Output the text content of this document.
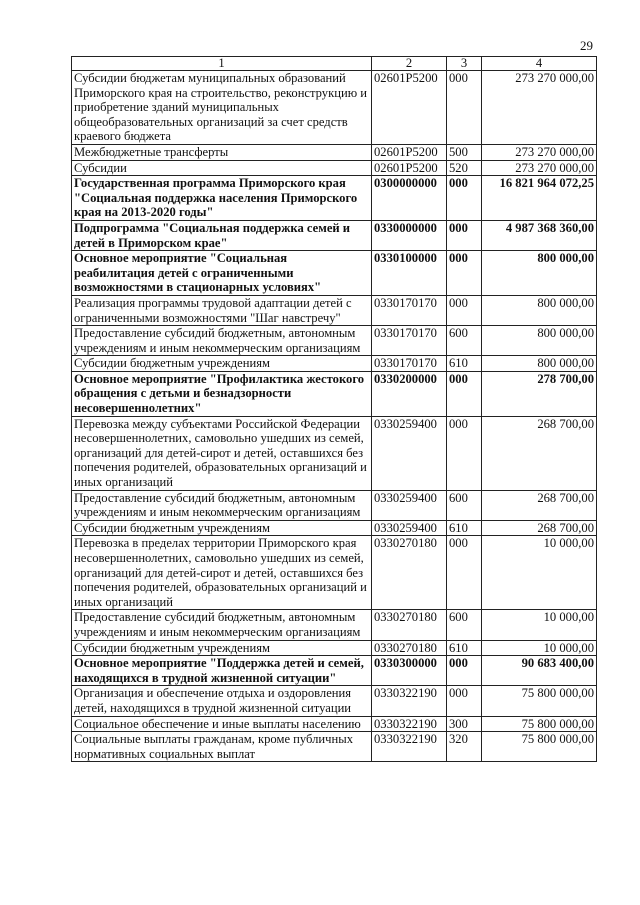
29
1	2	3	4
Субсидии бюджетам муниципальных образований Приморского края на строительство, реконструкцию и приобретение зданий муниципальных общеобразовательных организаций за счет средств краевого бюджета	02601P5200	000	273 270 000,00
Межбюджетные трансферты	02601P5200	500	273 270 000,00
Субсидии	02601P5200	520	273 270 000,00
Государственная программа Приморского края "Социальная поддержка населения Приморского края на 2013-2020 годы"	0300000000	000	16 821 964 072,25
Подпрограмма "Социальная поддержка семей и детей в Приморском крае"	0330000000	000	4 987 368 360,00
Основное мероприятие "Социальная реабилитация детей с ограниченными возможностями в стационарных условиях"	0330100000	000	800 000,00
Реализация программы трудовой адаптации детей с ограниченными возможностями "Шаг навстречу"	0330170170	000	800 000,00
Предоставление субсидий бюджетным, автономным учреждениям и иным некоммерческим организациям	0330170170	600	800 000,00
Субсидии бюджетным учреждениям	0330170170	610	800 000,00
Основное мероприятие "Профилактика жестокого обращения с детьми и безнадзорности несовершеннолетних"	0330200000	000	278 700,00
Перевозка между субъектами Российской Федерации несовершеннолетних, самовольно ушедших из семей, организаций для детей-сирот и детей, оставшихся без попечения родителей, образовательных организаций и иных организаций	0330259400	000	268 700,00
Предоставление субсидий бюджетным, автономным учреждениям и иным некоммерческим организациям	0330259400	600	268 700,00
Субсидии бюджетным учреждениям	0330259400	610	268 700,00
Перевозка в пределах территории Приморского края несовершеннолетних, самовольно ушедших из семей, организаций для детей-сирот и детей, оставшихся без попечения родителей, образовательных организаций и иных организаций	0330270180	000	10 000,00
Предоставление субсидий бюджетным, автономным учреждениям и иным некоммерческим организациям	0330270180	600	10 000,00
Субсидии бюджетным учреждениям	0330270180	610	10 000,00
Основное мероприятие "Поддержка детей и семей, находящихся в трудной жизненной ситуации"	0330300000	000	90 683 400,00
Организация и обеспечение отдыха и оздоровления детей, находящихся в трудной жизненной ситуации	0330322190	000	75 800 000,00
Социальное обеспечение и иные выплаты населению	0330322190	300	75 800 000,00
Социальные выплаты гражданам, кроме публичных нормативных социальных выплат	0330322190	320	75 800 000,00
